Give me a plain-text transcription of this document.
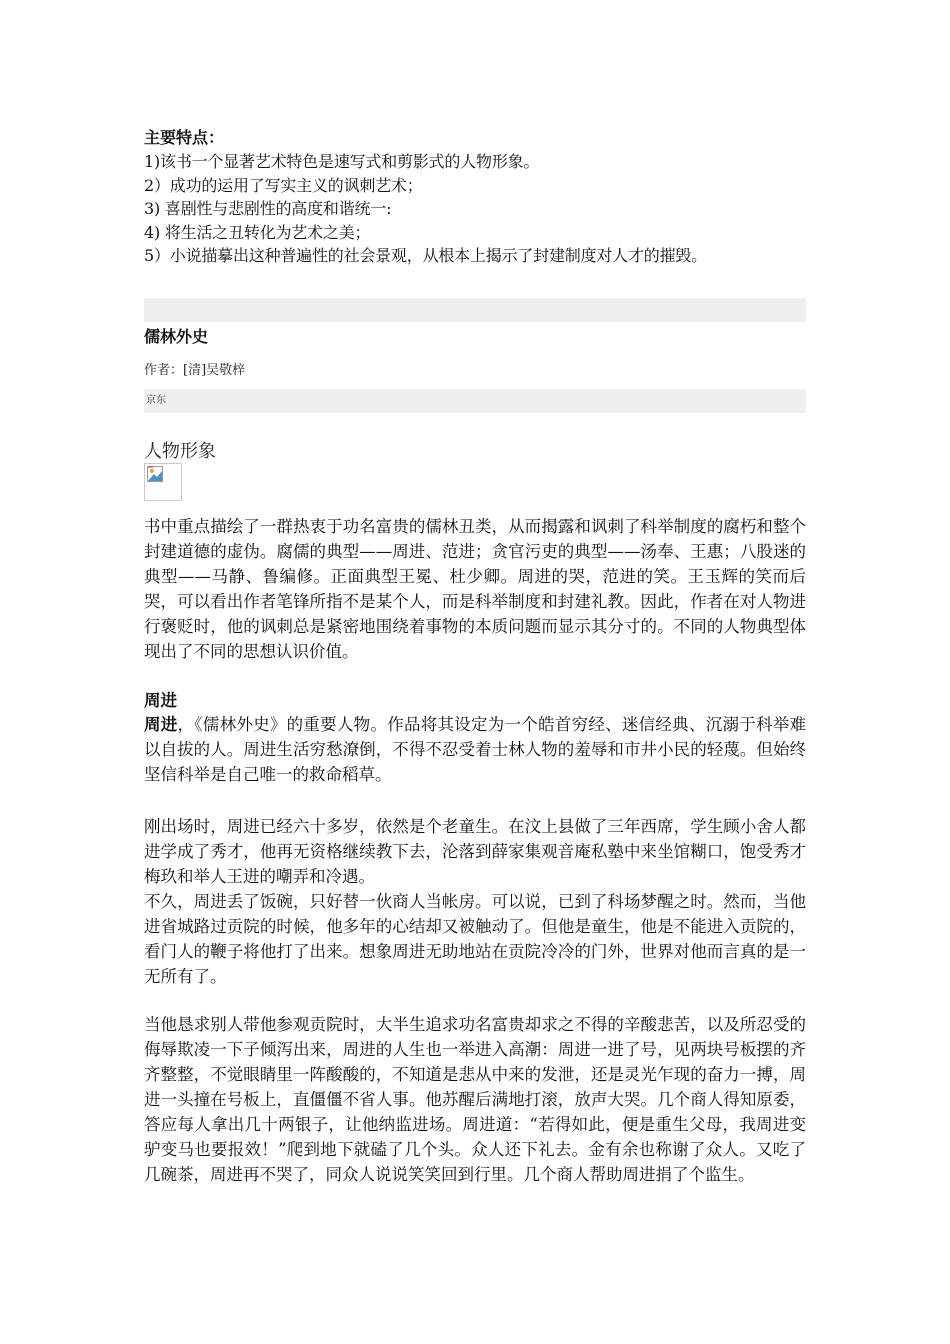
主要特点：
1)该书一个显著艺术特色是速写式和剪影式的人物形象。
2）成功的运用了写实主义的讽刺艺术；
3) 喜剧性与悲剧性的高度和谐统一:
4) 将生活之丑转化为艺术之美；
5）小说描摹出这种普遍性的社会景观，从根本上揭示了封建制度对人才的摧毁。
儒林外史
作者：[清]吴敬梓
京东
人物形象
书中重点描绘了一群热衷于功名富贵的儒林丑类，从而揭露和讽刺了科举制度的腐朽和整个封建道德的虚伪。腐儒的典型——周进、范进；贪官污吏的典型——汤奉、王惠；八股迷的典型——马静、鲁编修。正面典型王冕、杜少卿。周进的哭，范进的笑。王玉辉的笑而后哭，可以看出作者笔锋所指不是某个人，而是科举制度和封建礼教。因此，作者在对人物进行褒贬时，他的讽刺总是紧密地围绕着事物的本质问题而显示其分寸的。不同的人物典型体现出了不同的思想认识价值。
周进
周进，《儒林外史》的重要人物。作品将其设定为一个皓首穷经、迷信经典、沉溺于科举难以自拔的人。周进生活穷愁潦倒，不得不忍受着士林人物的羞辱和市井小民的轻蔑。但始终坚信科举是自己唯一的救命稻草。
刚出场时，周进已经六十多岁，依然是个老童生。在汶上县做了三年西席，学生顾小舍人都进学成了秀才，他再无资格继续教下去，沦落到薛家集观音庵私塾中来坐馆糊口，饱受秀才梅玖和举人王进的嘲弄和冷遇。
不久，周进丢了饭碗，只好替一伙商人当帐房。可以说，已到了科场梦醒之时。然而，当他进省城路过贡院的时候，他多年的心结却又被触动了。但他是童生，他是不能进入贡院的，看门人的鞭子将他打了出来。想象周进无助地站在贡院冷冷的门外，世界对他而言真的是一无所有了。
当他恳求别人带他参观贡院时，大半生追求功名富贵却求之不得的辛酸悲苦，以及所忍受的侮辱欺凌一下子倾泻出来，周进的人生也一举进入高潮：周进一进了号，见两块号板摆的齐齐整整，不觉眼睛里一阵酸酸的，不知道是悲从中来的发泄，还是灵光乍现的奋力一搏，周进一头撞在号板上，直僵僵不省人事。他苏醒后满地打滚，放声大哭。几个商人得知原委，答应每人拿出几十两银子，让他纳监进场。周进道：“若得如此，便是重生父母，我周进变驴变马也要报效！”爬到地下就磕了几个头。众人还下礼去。金有余也称谢了众人。又吃了几碗茶，周进再不哭了，同众人说说笑笑回到行里。几个商人帮助周进捐了个监生。
